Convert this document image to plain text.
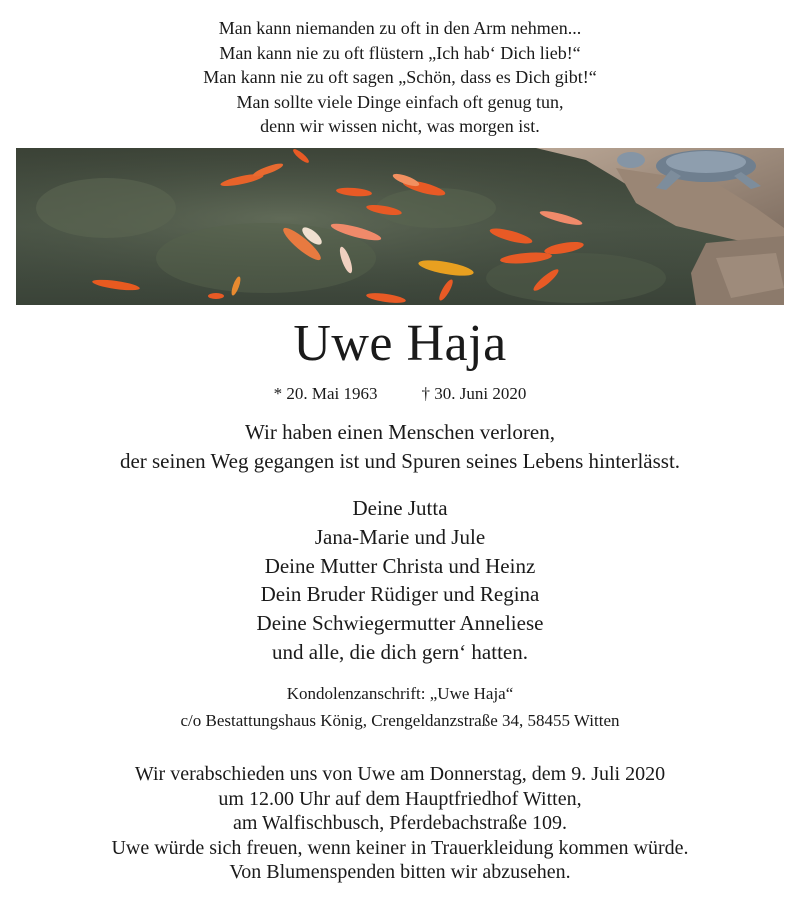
Man kann niemanden zu oft in den Arm nehmen...
Man kann nie zu oft flüstern „Ich hab‘ Dich lieb!“
Man kann nie zu oft sagen „Schön, dass es Dich gibt!“
Man sollte viele Dinge einfach oft genug tun,
denn wir wissen nicht, was morgen ist.
Uwe Haja
* 20. Mai 1963	† 30. Juni 2020
Wir haben einen Menschen verloren,
der seinen Weg gegangen ist und Spuren seines Lebens hinterlässt.
Deine Jutta
Jana-Marie und Jule
Deine Mutter Christa und Heinz
Dein Bruder Rüdiger und Regina
Deine Schwiegermutter Anneliese
und alle, die dich gern‘ hatten.
Kondolenzanschrift: „Uwe Haja“
c/o Bestattungshaus König, Crengeldanzstraße 34, 58455 Witten
Wir verabschieden uns von Uwe am Donnerstag, dem 9. Juli 2020
um 12.00 Uhr auf dem Hauptfriedhof Witten,
am Walfischbusch, Pferdebachstraße 109.
Uwe würde sich freuen, wenn keiner in Trauerkleidung kommen würde.
Von Blumenspenden bitten wir abzusehen.
